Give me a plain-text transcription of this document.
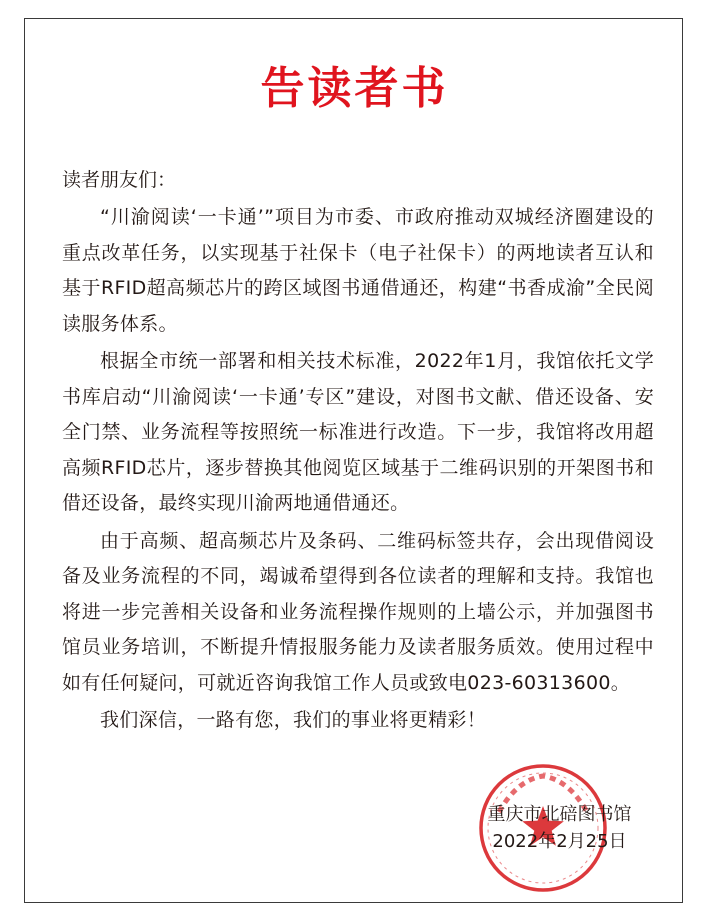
告读者书

读者朋友们：

“川渝阅读‘一卡通’”项目为市委、市政府推动双城经济圈建设的重点改革任务，以实现基于社保卡（电子社保卡）的两地读者互认和基于RFID超高频芯片的跨区域图书通借通还，构建“书香成渝”全民阅读服务体系。

根据全市统一部署和相关技术标准，2022年1月，我馆依托文学书库启动“川渝阅读‘一卡通’专区”建设，对图书文献、借还设备、安全门禁、业务流程等按照统一标准进行改造。下一步，我馆将改用超高频RFID芯片，逐步替换其他阅览区域基于二维码识别的开架图书和借还设备，最终实现川渝两地通借通还。

由于高频、超高频芯片及条码、二维码标签共存，会出现借阅设备及业务流程的不同，竭诚希望得到各位读者的理解和支持。我馆也将进一步完善相关设备和业务流程操作规则的上墙公示，并加强图书馆员业务培训，不断提升情报服务能力及读者服务质效。使用过程中如有任何疑问，可就近咨询我馆工作人员或致电023-60313600。

我们深信，一路有您，我们的事业将更精彩！

重庆市北碚图书馆
2022年2月25日
